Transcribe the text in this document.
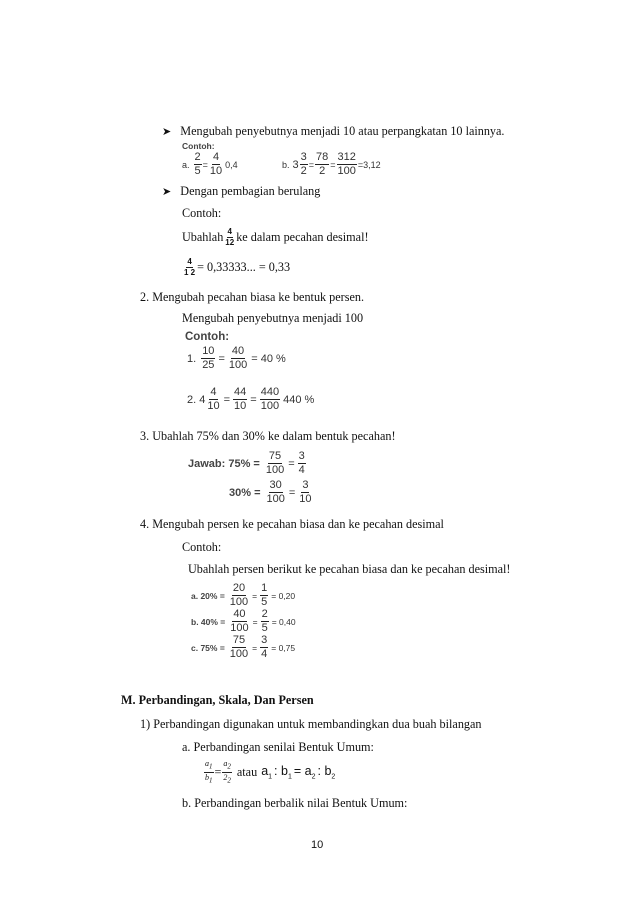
➤ Mengubah penyebutnya menjadi 10 atau perpangkatan 10 lainnya.
Contoh:
a. $\frac{2}{5} = \frac{4}{10} 0,4$	b. $3 \frac{3}{2} = \frac{78}{2} = \frac{312}{100} = 3,12$
➤ Dengan pembagian berulang
Contoh:
Ubahlah $\frac{4}{12}$ ke dalam pecahan desimal!
$\frac{4}{1 2} = 0,33333$... = 0,33
2. Mengubah pecahan biasa ke bentuk persen.
Mengubah penyebutnya menjadi 100
Contoh:
1. $\frac{10}{25} = \frac{40}{100} = 40$ %
2. $4 \frac{4}{10} = \frac{44}{10} = \frac{440}{100} 440$ %
3. Ubahlah 75% dan 30% ke dalam bentuk pecahan!
Jawab: $75\% = \frac{75}{100} = \frac{3}{4}$
$30\% = \frac{30}{100} = \frac{3}{10}$
4. Mengubah persen ke pecahan biasa dan ke pecahan desimal
Contoh:
Ubahlah persen berikut ke pecahan biasa dan ke pecahan desimal!
a. $20\% = \frac{20}{100} = \frac{1}{5} = 0,20$
b. $40\% = \frac{40}{100} = \frac{2}{5} = 0,40$
c. $75\% = \frac{75}{100} = \frac{3}{4} = 0,75$
M. Perbandingan, Skala, Dan Persen
1) Perbandingan digunakan untuk membandingkan dua buah bilangan
a. Perbandingan senilai Bentuk Umum:
$\frac{a_1}{b_1} = \frac{a_2}{2_2}$ atau $a_1$ : $b_1 = a_2$ : $b_2$
b. Perbandingan berbalik nilai Bentuk Umum:
10
